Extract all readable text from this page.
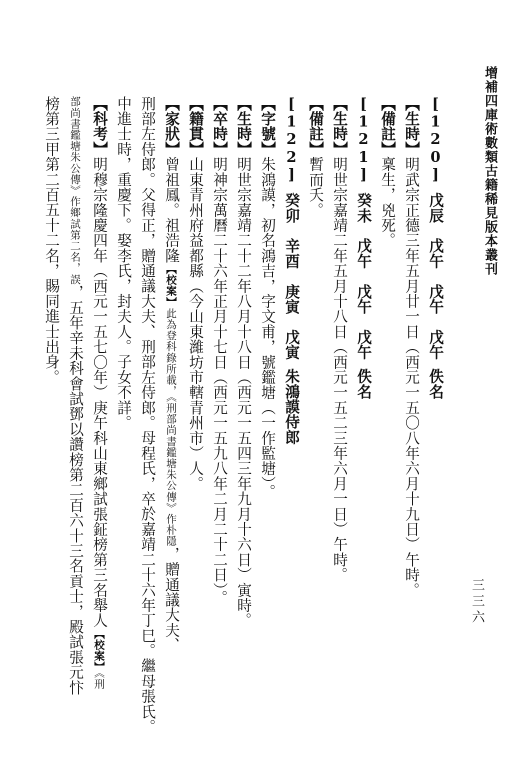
增補四庫術數類古籍稀見版本叢刊
三三六
[120]戊辰　戊午　戊午　戊午佚名
【生時】明武宗正德三年五月廿一日（西元一五〇八年六月十九日）午時。
【備註】稟生，兇死。
[121]癸未　戊午　戊午　戊午佚名
【生時】明世宗嘉靖二年五月十八日（西元一五二三年六月一日）午時。
【備註】暫而夭。
[122]癸卯　辛酉　庚寅　戊寅朱鴻謨侍郎
【字號】朱鴻謨，初名鴻吉，字文甫，號鑑塘（一作監塘）。
【生時】明世宗嘉靖二十二年八月十八日（西元一五四三年九月十六日）寅時。
【卒時】明神宗萬曆二十六年正月十七日（西元一五九八年二月二十二日）。
【籍貫】山東青州府益都縣（今山東濰坊市轄青州市）人。
【家狀】曾祖鳳。祖浩隆【校案】此為登科錄所載，《刑部尚書鑑塘朱公傳》作朴隱，贈通議大夫、
刑部左侍郎。父得正，贈通議大夫、刑部左侍郎。母程氏，卒於嘉靖二十六年丁巳。繼母張氏。
中進士時，重慶下。娶李氏，封夫人。子女不詳。
【科考】明穆宗隆慶四年（西元一五七〇年）庚午科山東鄉試張鉦榜第三名舉人【校案】《刑
部尚書鑑塘朱公傳》作鄉試第二名，誤，五年辛未科會試鄧以讚榜第二百六十三名貢士，殿試張元忭
榜第三甲第二百五十二名，賜同進士出身。
